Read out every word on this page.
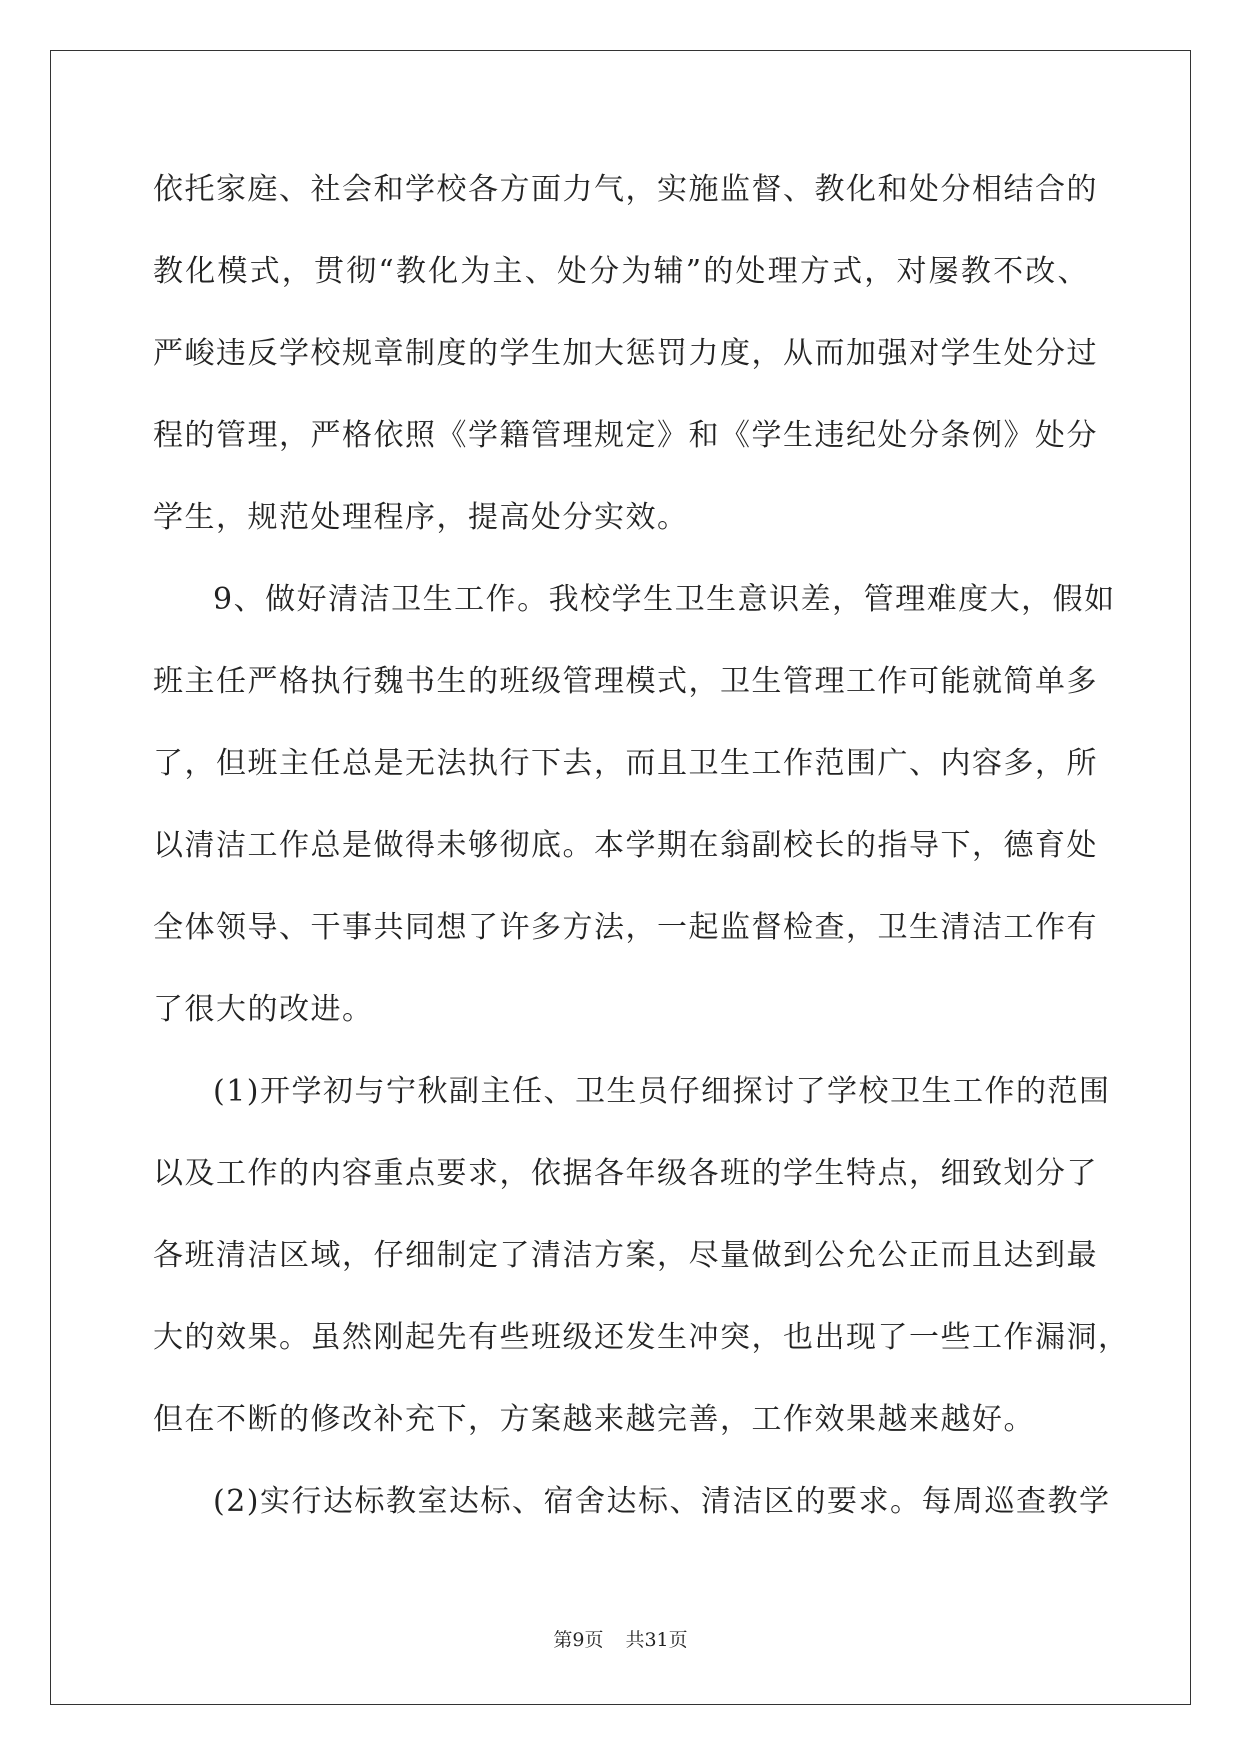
依托家庭、社会和学校各方面力气，实施监督、教化和处分相结合的
教化模式，贯彻“教化为主、处分为辅”的处理方式，对屡教不改、
严峻违反学校规章制度的学生加大惩罚力度，从而加强对学生处分过
程的管理，严格依照《学籍管理规定》和《学生违纪处分条例》处分
学生，规范处理程序，提高处分实效。
9、做好清洁卫生工作。我校学生卫生意识差，管理难度大，假如
班主任严格执行魏书生的班级管理模式，卫生管理工作可能就简单多
了，但班主任总是无法执行下去，而且卫生工作范围广、内容多，所
以清洁工作总是做得未够彻底。本学期在翁副校长的指导下，德育处
全体领导、干事共同想了许多方法，一起监督检查，卫生清洁工作有
了很大的改进。
(1)开学初与宁秋副主任、卫生员仔细探讨了学校卫生工作的范围
以及工作的内容重点要求，依据各年级各班的学生特点，细致划分了
各班清洁区域，仔细制定了清洁方案，尽量做到公允公正而且达到最
大的效果。虽然刚起先有些班级还发生冲突，也出现了一些工作漏洞，
但在不断的修改补充下，方案越来越完善，工作效果越来越好。
(2)实行达标教室达标、宿舍达标、清洁区的要求。每周巡查教学
第9页 共31页
